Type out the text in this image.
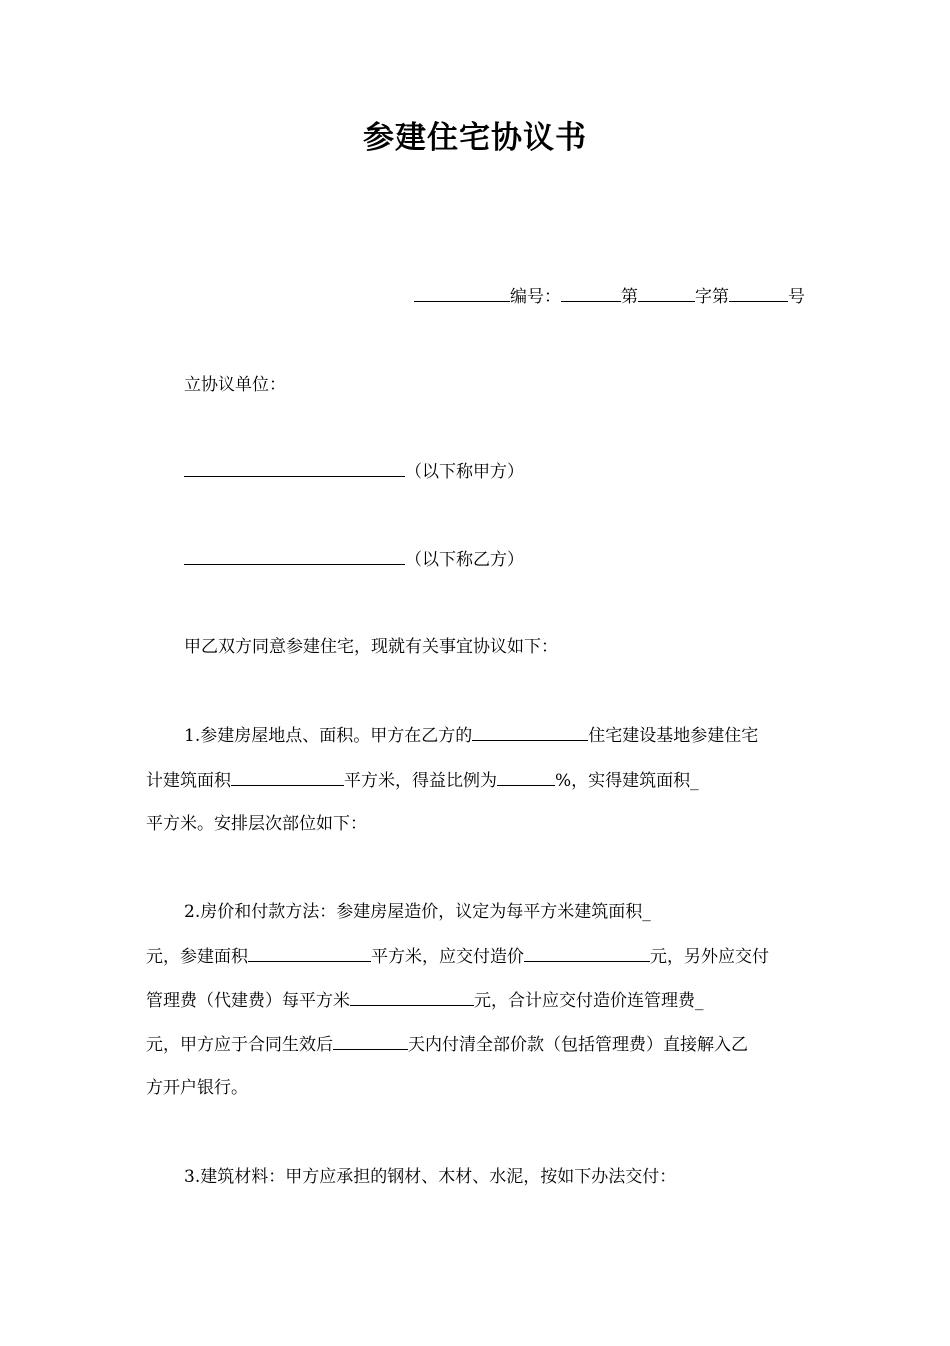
参建住宅协议书
编号：	第	字第	号
立协议单位：
（以下称甲方）
（以下称乙方）
甲乙双方同意参建住宅，现就有关事宜协议如下：
1.参建房屋地点、面积。甲方在乙方的	住宅建设基地参建住宅
计建筑面积	平方米，得益比例为	%，实得建筑面积_
平方米。安排层次部位如下：
2.房价和付款方法：参建房屋造价，议定为每平方米建筑面积_
元，参建面积	平方米，应交付造价	元，另外应交付
管理费（代建费）每平方米	元，合计应交付造价连管理费_
元，甲方应于合同生效后	天内付清全部价款（包括管理费）直接解入乙
方开户银行。
3.建筑材料：甲方应承担的钢材、木材、水泥，按如下办法交付：
